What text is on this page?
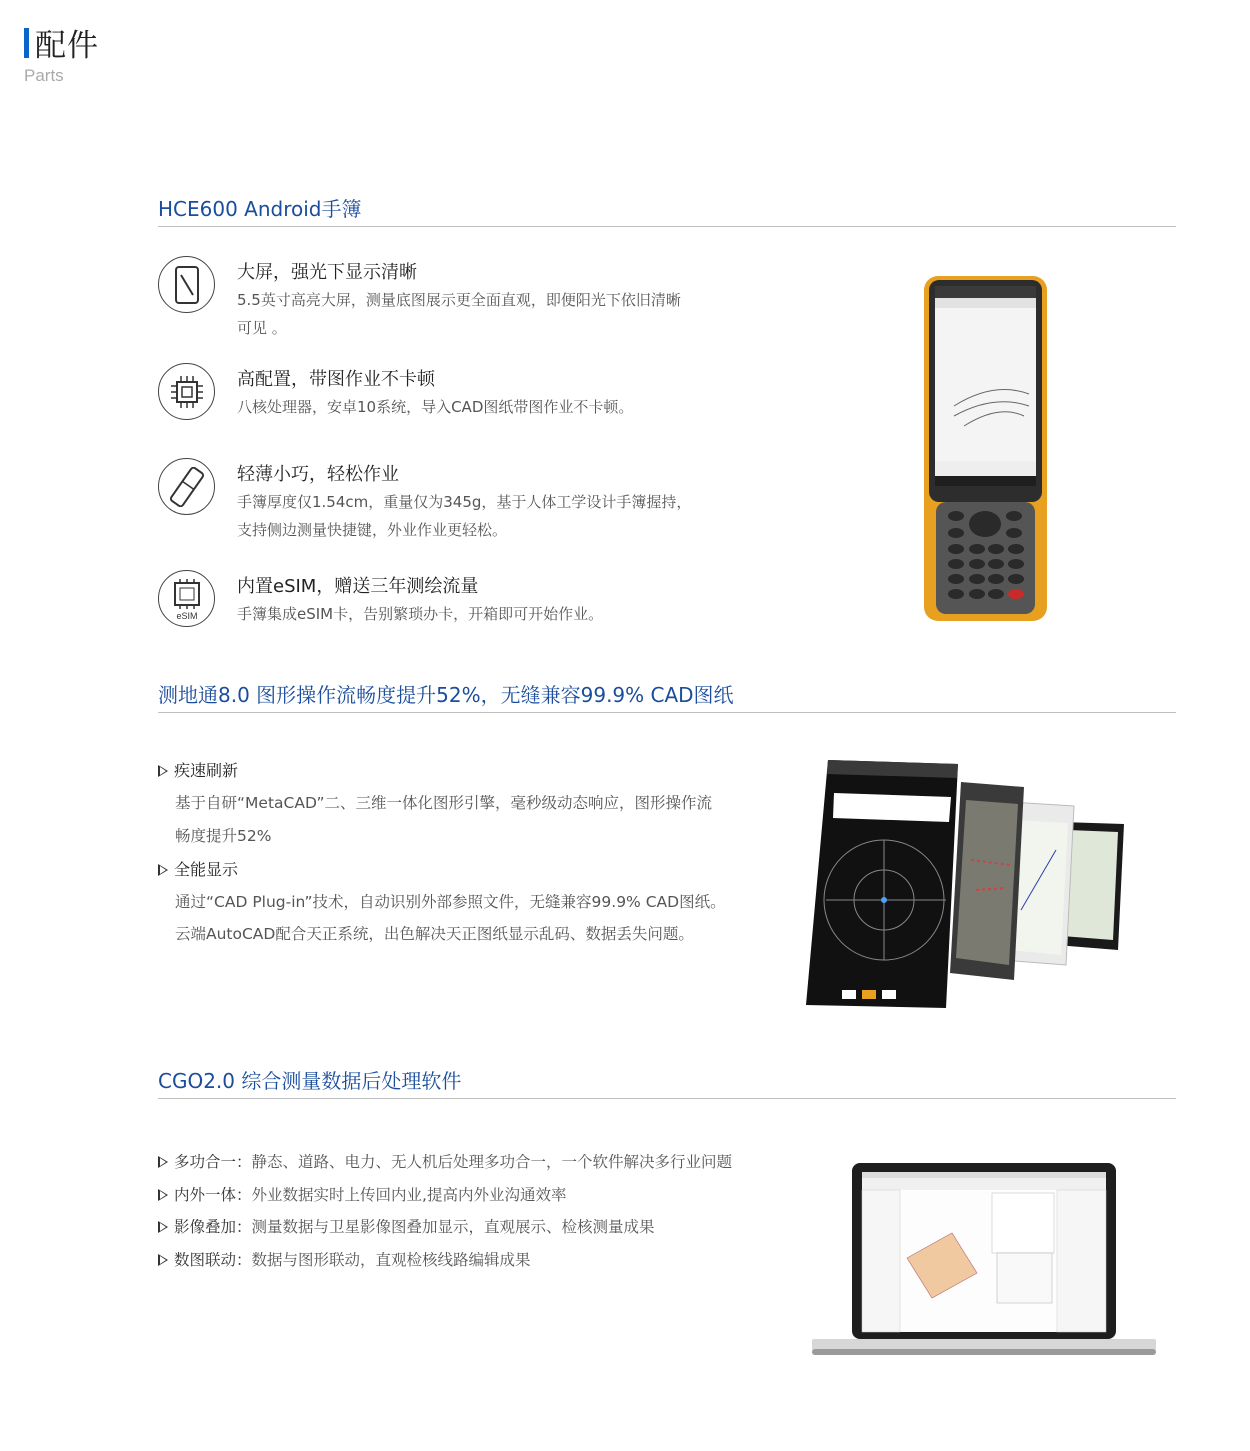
配件
Parts
HCE600 Android手簿
大屏，强光下显示清晰
5.5英寸高亮大屏，测量底图展示更全面直观，即便阳光下依旧清晰
可见 。
高配置，带图作业不卡顿
八核处理器，安卓10系统，导入CAD图纸带图作业不卡顿。
轻薄小巧，轻松作业
手簿厚度仅1.54cm，重量仅为345g，基于人体工学设计手簿握持，
支持侧边测量快捷键，外业作业更轻松。
eSIM
内置eSIM，赠送三年测绘流量
手簿集成eSIM卡，告别繁琐办卡，开箱即可开始作业。
测地通8.0 图形操作流畅度提升52%，无缝兼容99.9% CAD图纸
疾速刷新
基于自研“MetaCAD”二、三维一体化图形引擎，毫秒级动态响应，图形操作流
畅度提升52%
全能显示
通过“CAD Plug-in”技术，自动识别外部参照文件，无缝兼容99.9% CAD图纸。
云端AutoCAD配合天正系统，出色解决天正图纸显示乱码、数据丢失问题。
CGO2.0 综合测量数据后处理软件
多功合一：静态、道路、电力、无人机后处理多功合一，一个软件解决多行业问题
内外一体：外业数据实时上传回内业,提高内外业沟通效率
影像叠加：测量数据与卫星影像图叠加显示，直观展示、检核测量成果
数图联动：数据与图形联动，直观检核线路编辑成果
